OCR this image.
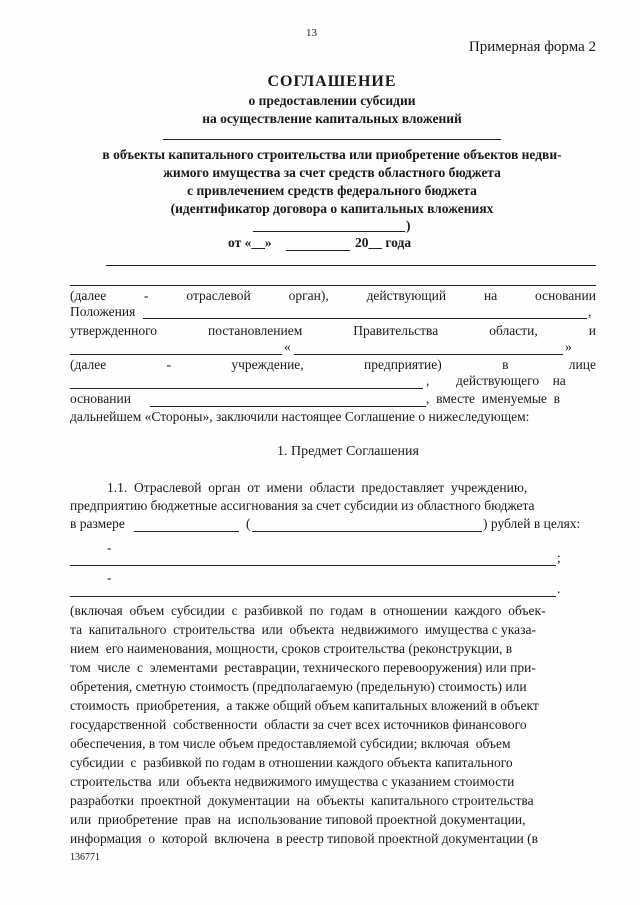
13
Примерная форма 2
СОГЛАШЕНИЕ
о предоставлении субсидии
на осуществление капитальных вложений
в объекты капитального строительства или приобретение объектов недви-
жимого имущества за счет средств областного бюджета
с привлечением средств федерального бюджета
(идентификатор договора о капитальных вложениях
)
от «__»	20__ года
(далее	-	отраслевой	орган),	действующий	на	основании
Положения	,
утвержденного	постановлением	Правительства	области,	и
«	»
(далее	-	учреждение,	предприятие)	в	лице
, действующего    на
основании	,  вместе  именуемые  в
дальнейшем «Стороны», заключили настоящее Соглашение о нижеследующем:
1. Предмет Соглашения
1.1.  Отраслевой  орган  от  имени  области  предоставляет  учреждению,
предприятию бюджетные ассигнования за счет субсидии из областного бюджета
в размере	(	) рублей в целях:
-
;
-
.
(включая  объем  субсидии  с  разбивкой  по  годам  в  отношении  каждого  объек-
та  капитального  строительства  или  объекта  недвижимого  имущества с указа-
нием  его наименования, мощности, сроков строительства (реконструкции, в
том  числе  с  элементами  реставрации, технического перевооружения) или при-
обретения, сметную стоимость (предполагаемую (предельную) стоимость) или
стоимость  приобретения,  а также общий объем капитальных вложений в объект
государственной  собственности  области за счет всех источников финансового
обеспечения, в том числе объем предоставляемой субсидии; включая  объем
субсидии  с  разбивкой по годам в отношении каждого объекта капитального
строительства  или  объекта недвижимого имущества с указанием стоимости
разработки  проектной  документации  на  объекты  капитального строительства
или  приобретение  прав  на  использование типовой проектной документации,
информация  о  которой  включена  в реестр типовой проектной документации (в
136771
